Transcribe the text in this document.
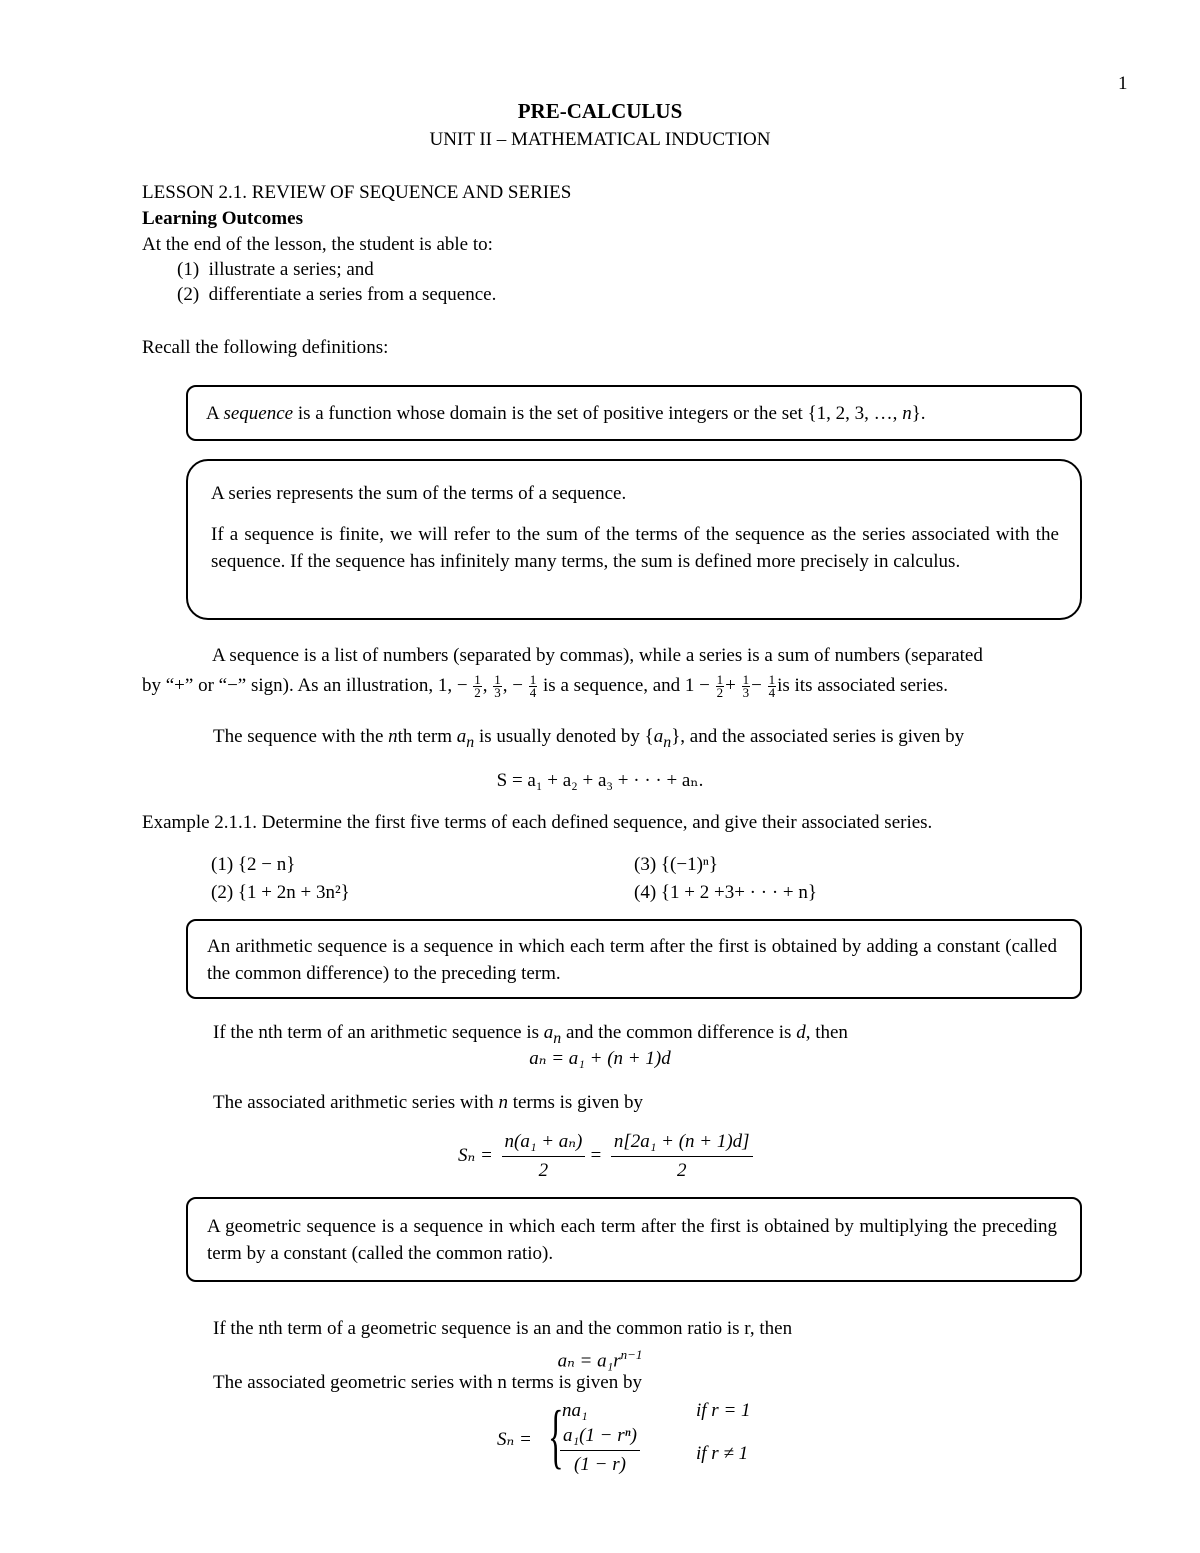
1
PRE-CALCULUS
UNIT II – MATHEMATICAL INDUCTION
LESSON 2.1. REVIEW OF SEQUENCE AND SERIES
Learning Outcomes
At the end of the lesson, the student is able to:
(1) illustrate a series; and
(2) differentiate a series from a sequence.
Recall the following definitions:
A sequence is a function whose domain is the set of positive integers or the set {1, 2, 3, …, n}.
A series represents the sum of the terms of a sequence.
If a sequence is finite, we will refer to the sum of the terms of the sequence as the series associated with the sequence. If the sequence has infinitely many terms, the sum is defined more precisely in calculus.
A sequence is a list of numbers (separated by commas), while a series is a sum of numbers (separated
by “+” or “−” sign). As an illustration, 1, − $\frac{1}{2}$ , $\frac{1}{3}$ , − $\frac{1}{4}$ is a sequence, and $1 - \frac{1}{2} + \frac{1}{3} - \frac{1}{4}$ is its associated series.
The sequence with the nth term $a_n$ is usually denoted by $\{a_n\}$, and the associated series is given by
S = a₁ + a₂ + a₃ + · · · + aₙ.
Example 2.1.1. Determine the first five terms of each defined sequence, and give their associated series.
(1) {2 − n}	(3) {(−1)ⁿ}
(2) {1 + 2n + 3n²}	(4) {1 + 2 +3+ · · · + n}
An arithmetic sequence is a sequence in which each term after the first is obtained by adding a constant (called the common difference) to the preceding term.
If the nth term of an arithmetic sequence is $a_n$ and the common difference is d, then
aₙ = a₁ + (n + 1)d
The associated arithmetic series with n terms is given by
$S_n = \frac{\text{n(a₁ + aₙ)}}{2} = \frac{\text{n[2a₁ + (n + 1)d]}}{2}$
A geometric sequence is a sequence in which each term after the first is obtained by multiplying the preceding term by a constant (called the common ratio).
If the nth term of a geometric sequence is an and the common ratio is r, then
$a_n = a_1r^{n-1}$
The associated geometric series with n terms is given by
Sₙ = {
na₁	if r = 1
$\frac{\text{a₁(1 − rⁿ)}}{(1 - r)}$	if r ≠ 1
